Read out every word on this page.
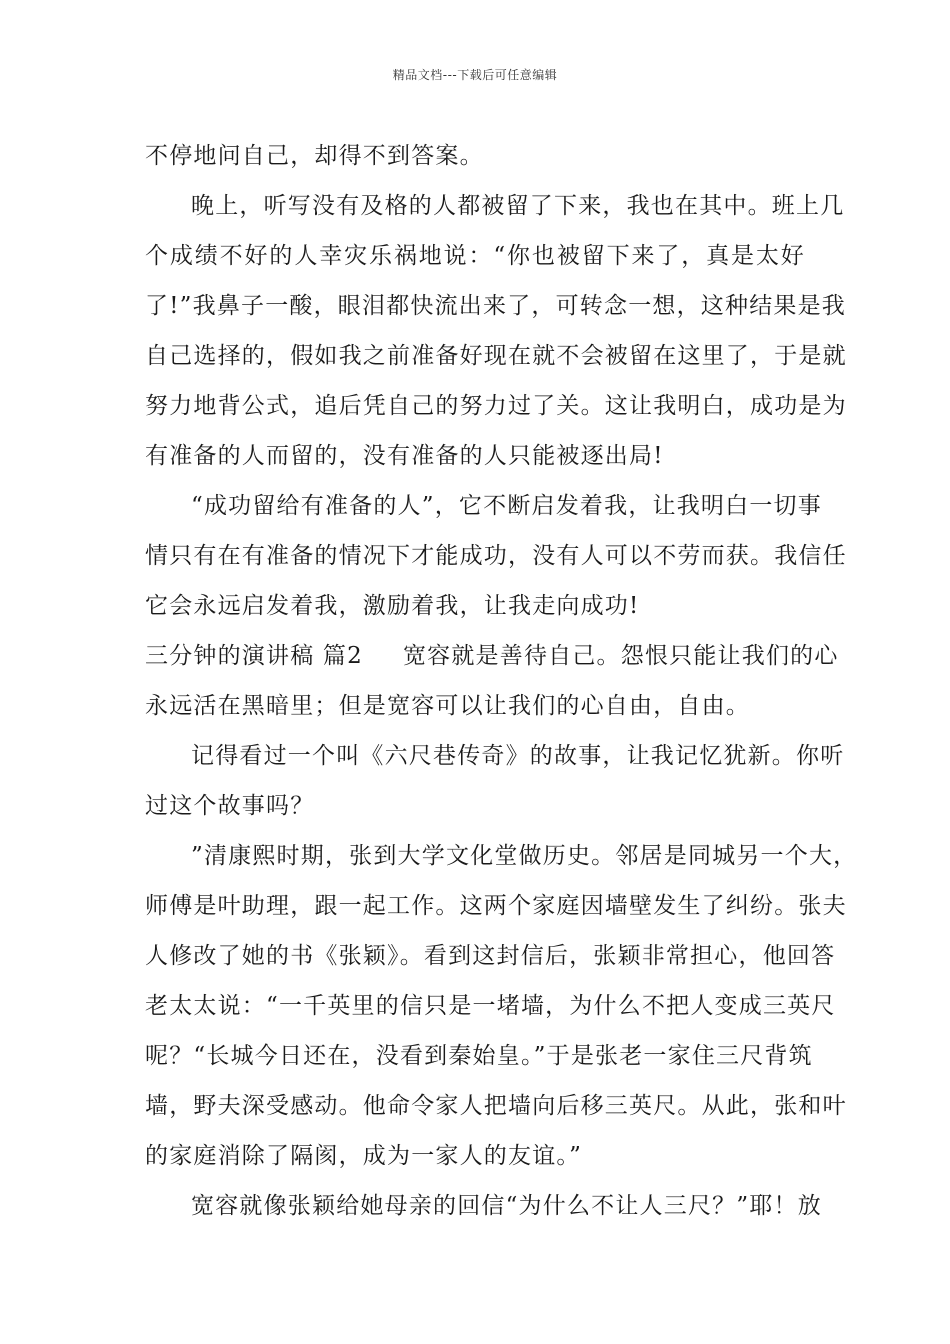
精品文档---下载后可任意编辑
不停地问自己，却得不到答案。
晚上，听写没有及格的人都被留了下来，我也在其中。班上几
个成绩不好的人幸灾乐祸地说：“你也被留下来了，真是太好
了!”我鼻子一酸，眼泪都快流出来了，可转念一想，这种结果是我
自己选择的，假如我之前准备好现在就不会被留在这里了，于是就
努力地背公式，追后凭自己的努力过了关。这让我明白，成功是为
有准备的人而留的，没有准备的人只能被逐出局!
“成功留给有准备的人”，它不断启发着我，让我明白一切事
情只有在有准备的情况下才能成功，没有人可以不劳而获。我信任
它会永远启发着我，激励着我，让我走向成功!
三分钟的演讲稿 篇2 宽容就是善待自己。怨恨只能让我们的心
永远活在黑暗里；但是宽容可以让我们的心自由，自由。
记得看过一个叫《六尺巷传奇》的故事，让我记忆犹新。你听
过这个故事吗？
”清康熙时期，张到大学文化堂做历史。邻居是同城另一个大，
师傅是叶助理，跟一起工作。这两个家庭因墙壁发生了纠纷。张夫
人修改了她的书《张颖》。看到这封信后，张颖非常担心，他回答
老太太说：“一千英里的信只是一堵墙，为什么不把人变成三英尺
呢？“长城今日还在，没看到秦始皇。”于是张老一家住三尺背筑
墙，野夫深受感动。他命令家人把墙向后移三英尺。从此，张和叶
的家庭消除了隔阂，成为一家人的友谊。”
宽容就像张颖给她母亲的回信“为什么不让人三尺？”耶！放
